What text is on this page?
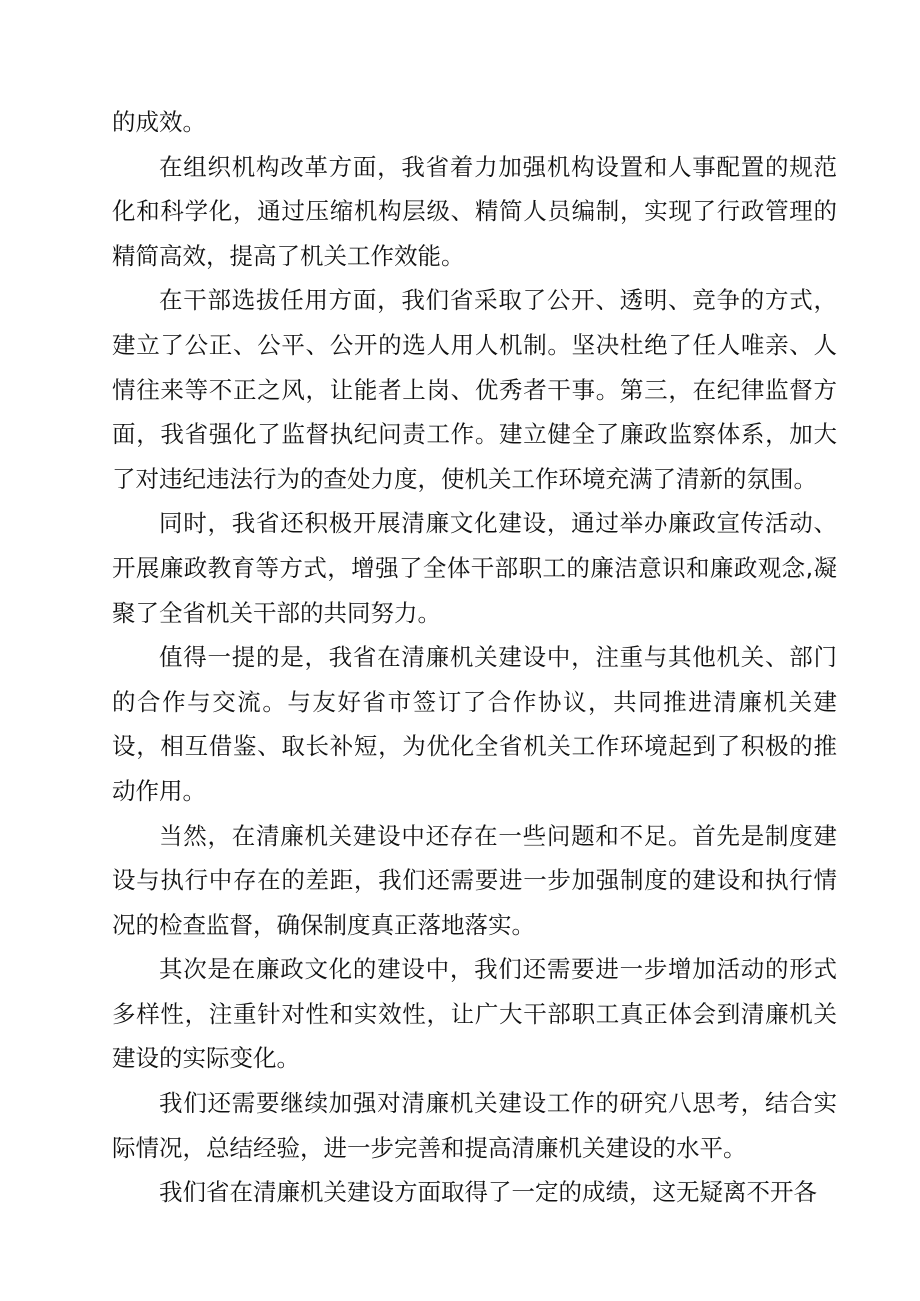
的成效。

在组织机构改革方面，我省着力加强机构设置和人事配置的规范化和科学化，通过压缩机构层级、精简人员编制，实现了行政管理的精简高效，提高了机关工作效能。

在干部选拔任用方面，我们省采取了公开、透明、竞争的方式，建立了公正、公平、公开的选人用人机制。坚决杜绝了任人唯亲、人情往来等不正之风，让能者上岗、优秀者干事。第三，在纪律监督方面，我省强化了监督执纪问责工作。建立健全了廉政监察体系，加大了对违纪违法行为的查处力度，使机关工作环境充满了清新的氛围。

同时，我省还积极开展清廉文化建设，通过举办廉政宣传活动、开展廉政教育等方式，增强了全体干部职工的廉洁意识和廉政观念,凝聚了全省机关干部的共同努力。

值得一提的是，我省在清廉机关建设中，注重与其他机关、部门的合作与交流。与友好省市签订了合作协议，共同推进清廉机关建设，相互借鉴、取长补短，为优化全省机关工作环境起到了积极的推动作用。

当然，在清廉机关建设中还存在一些问题和不足。首先是制度建设与执行中存在的差距，我们还需要进一步加强制度的建设和执行情况的检查监督，确保制度真正落地落实。

其次是在廉政文化的建设中，我们还需要进一步增加活动的形式多样性，注重针对性和实效性，让广大干部职工真正体会到清廉机关建设的实际变化。

我们还需要继续加强对清廉机关建设工作的研究八思考，结合实际情况，总结经验，进一步完善和提高清廉机关建设的水平。

我们省在清廉机关建设方面取得了一定的成绩，这无疑离不开各
